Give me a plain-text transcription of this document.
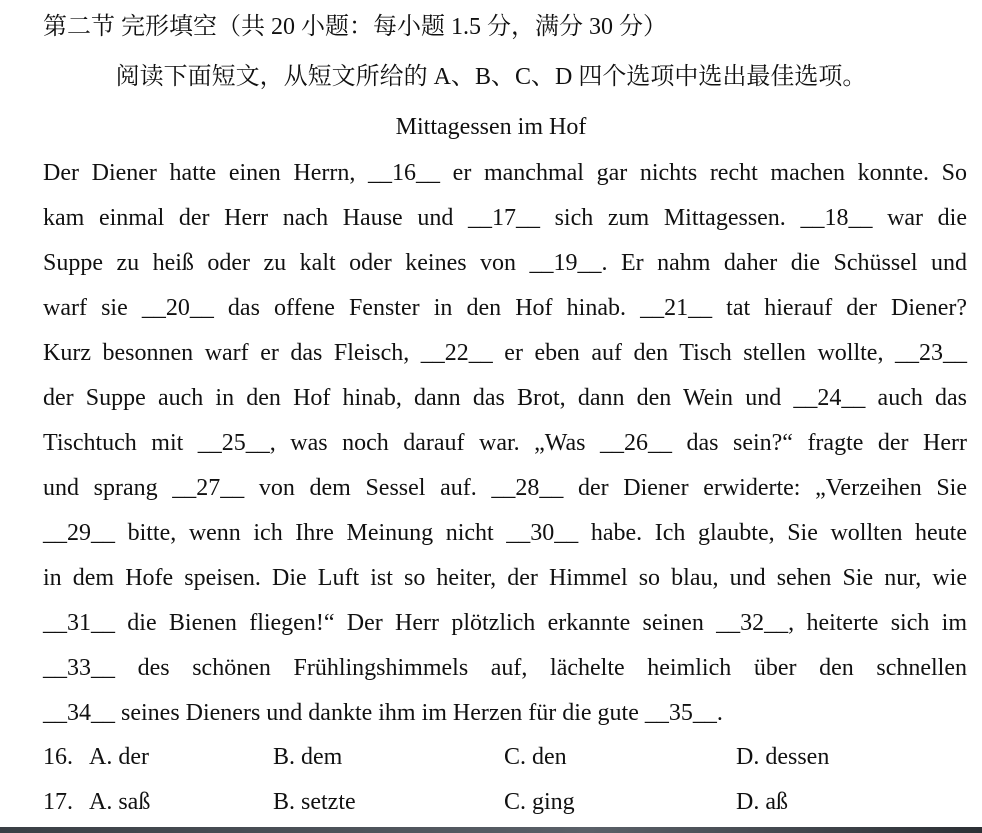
第二节 完形填空（共 20 小题：每小题 1.5 分，满分 30 分）
阅读下面短文，从短文所给的 A、B、C、D 四个选项中选出最佳选项。
Mittagessen im Hof
Der Diener hatte einen Herrn, __16__ er manchmal gar nichts recht machen konnte. So
kam einmal der Herr nach Hause und __17__ sich zum Mittagessen. __18__ war die
Suppe zu heiß oder zu kalt oder keines von __19__. Er nahm daher die Schüssel und
warf sie __20__ das offene Fenster in den Hof hinab. __21__ tat hierauf der Diener?
Kurz besonnen warf er das Fleisch, __22__ er eben auf den Tisch stellen wollte, __23__
der Suppe auch in den Hof hinab, dann das Brot, dann den Wein und __24__ auch das
Tischtuch mit __25__, was noch darauf war. „Was __26__ das sein?“ fragte der Herr
und sprang __27__ von dem Sessel auf. __28__ der Diener erwiderte: „Verzeihen Sie
__29__ bitte, wenn ich Ihre Meinung nicht __30__ habe. Ich glaubte, Sie wollten heute
in dem Hofe speisen. Die Luft ist so heiter, der Himmel so blau, und sehen Sie nur, wie
__31__ die Bienen fliegen!“ Der Herr plötzlich erkannte seinen __32__, heiterte sich im
__33__ des schönen Frühlingshimmels auf, lächelte heimlich über den schnellen
__34__ seines Dieners und dankte ihm im Herzen für die gute __35__.
16. A. der	B. dem	C. den	D. dessen
17. A. saß	B. setzte	C. ging	D. aß
